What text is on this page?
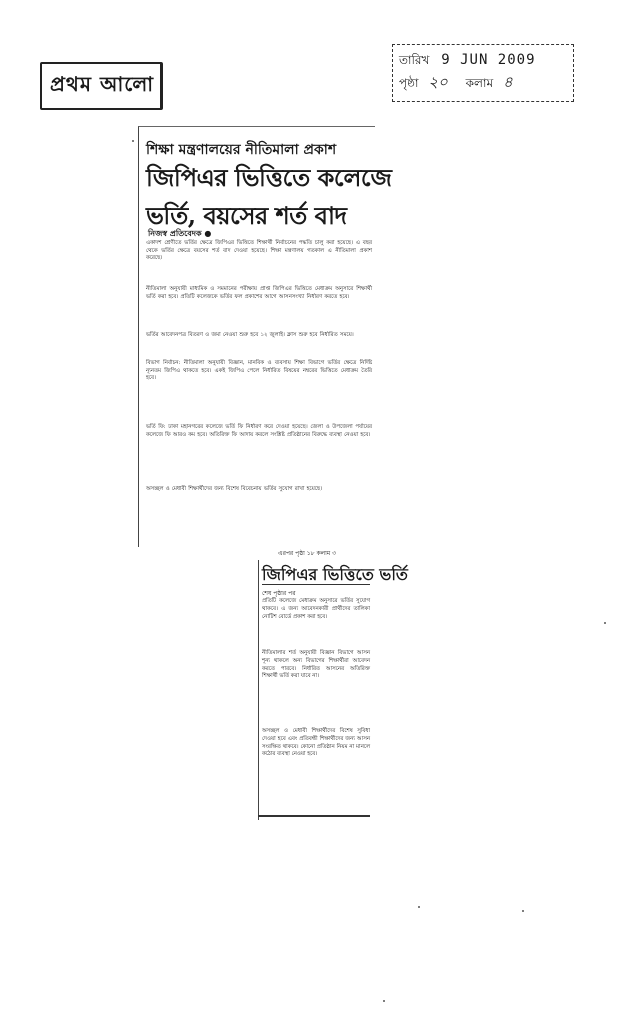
প্রথম আলো
তারিখ 9 JUN 2009
পৃষ্ঠা ২০ কলাম ৪
শিক্ষা মন্ত্রণালয়ের নীতিমালা প্রকাশ
জিপিএর ভিত্তিতে কলেজে
ভর্তি, বয়সের শর্ত বাদ
নিজস্ব প্রতিবেদক ●
একাদশ শ্রেণীতে ভর্তির ক্ষেত্রে জিপিএর ভিত্তিতে শিক্ষার্থী নির্বাচনের পদ্ধতি চালু করা হয়েছে। এ বছর থেকে ভর্তির ক্ষেত্রে বয়সের শর্ত বাদ দেওয়া হয়েছে। শিক্ষা মন্ত্রণালয় গতকাল এ নীতিমালা প্রকাশ করেছে।
নীতিমালা অনুযায়ী মাধ্যমিক ও সমমানের পরীক্ষায় প্রাপ্ত জিপিএর ভিত্তিতে মেধাক্রম অনুসারে শিক্ষার্থী ভর্তি করা হবে। প্রতিটি কলেজকে ভর্তির ফল প্রকাশের আগে আসনসংখ্যা নির্ধারণ করতে হবে।
ভর্তির আবেদনপত্র বিতরণ ও জমা নেওয়া শুরু হবে ১২ জুলাই। ক্লাস শুরু হবে নির্ধারিত সময়ে।
বিভাগ নির্বাচন: নীতিমালা অনুযায়ী বিজ্ঞান, মানবিক ও ব্যবসায় শিক্ষা বিভাগে ভর্তির ক্ষেত্রে নির্দিষ্ট ন্যূনতম জিপিএ থাকতে হবে। একই জিপিএ পেলে নির্ধারিত বিষয়ের নম্বরের ভিত্তিতে মেধাক্রম তৈরি হবে।
ভর্তি ফি: ঢাকা মহানগরের কলেজে ভর্তি ফি নির্ধারণ করে দেওয়া হয়েছে। জেলা ও উপজেলা পর্যায়ের কলেজে ফি আরও কম হবে। অতিরিক্ত ফি আদায় করলে সংশ্লিষ্ট প্রতিষ্ঠানের বিরুদ্ধে ব্যবস্থা নেওয়া হবে।
অসচ্ছল ও মেধাবী শিক্ষার্থীদের জন্য বিশেষ বিবেচনায় ভর্তির সুযোগ রাখা হয়েছে।
এরপর পৃষ্ঠা ১৮ কলাম ৩
জিপিএর ভিত্তিতে ভর্তি
শেষ পৃষ্ঠার পর
প্রতিটি কলেজে মেধাক্রম অনুসারে ভর্তির সুযোগ থাকবে। এ জন্য আবেদনকারী প্রার্থীদের তালিকা নোটিশ বোর্ডে প্রকাশ করা হবে।
নীতিমালার শর্ত অনুযায়ী বিজ্ঞান বিভাগে আসন শূন্য থাকলে অন্য বিভাগের শিক্ষার্থীরা আবেদন করতে পারবে। নির্ধারিত আসনের অতিরিক্ত শিক্ষার্থী ভর্তি করা যাবে না।
অসচ্ছল ও মেধাবী শিক্ষার্থীদের বিশেষ সুবিধা দেওয়া হবে এবং প্রতিবন্ধী শিক্ষার্থীদের জন্য আসন সংরক্ষিত থাকবে। কোনো প্রতিষ্ঠান নিয়ম না মানলে কঠোর ব্যবস্থা নেওয়া হবে।
